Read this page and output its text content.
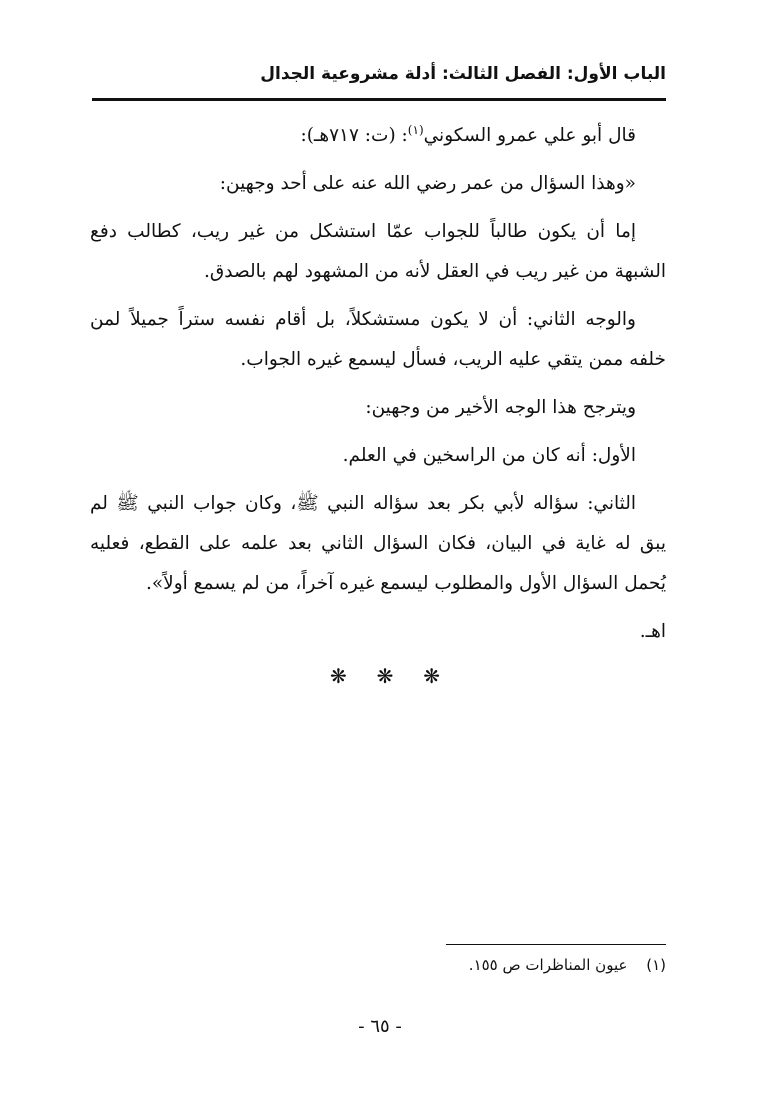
الباب الأول: الفصل الثالث: أدلة مشروعية الجدال

قال أبو علي عمرو السكوني$^{(١)}$: (ت: ٧١٧هـ):

«وهذا السؤال من عمر رضي الله عنه على أحد وجهين:

إما أن يكون طالباً للجواب عمّا استشكل من غير ريب، كطالب دفع الشبهة من غير ريب في العقل لأنه من المشهود لهم بالصدق.

والوجه الثاني: أن لا يكون مستشكلاً، بل أقام نفسه ستراً جميلاً لمن خلفه ممن يتقي عليه الريب، فسأل ليسمع غيره الجواب.

ويترجح هذا الوجه الأخير من وجهين:

الأول: أنه كان من الراسخين في العلم.

الثاني: سؤاله لأبي بكر بعد سؤاله النبي ﷺ، وكان جواب النبي ﷺ لم يبق له غاية في البيان، فكان السؤال الثاني بعد علمه على القطع، فعليه يُحمل السؤال الأول والمطلوب ليسمع غيره آخراً، من لم يسمع أولاً».

اهـ.

❋ ❋ ❋
(١) عيون المناظرات ص ١٥٥.
- ٦٥ -
